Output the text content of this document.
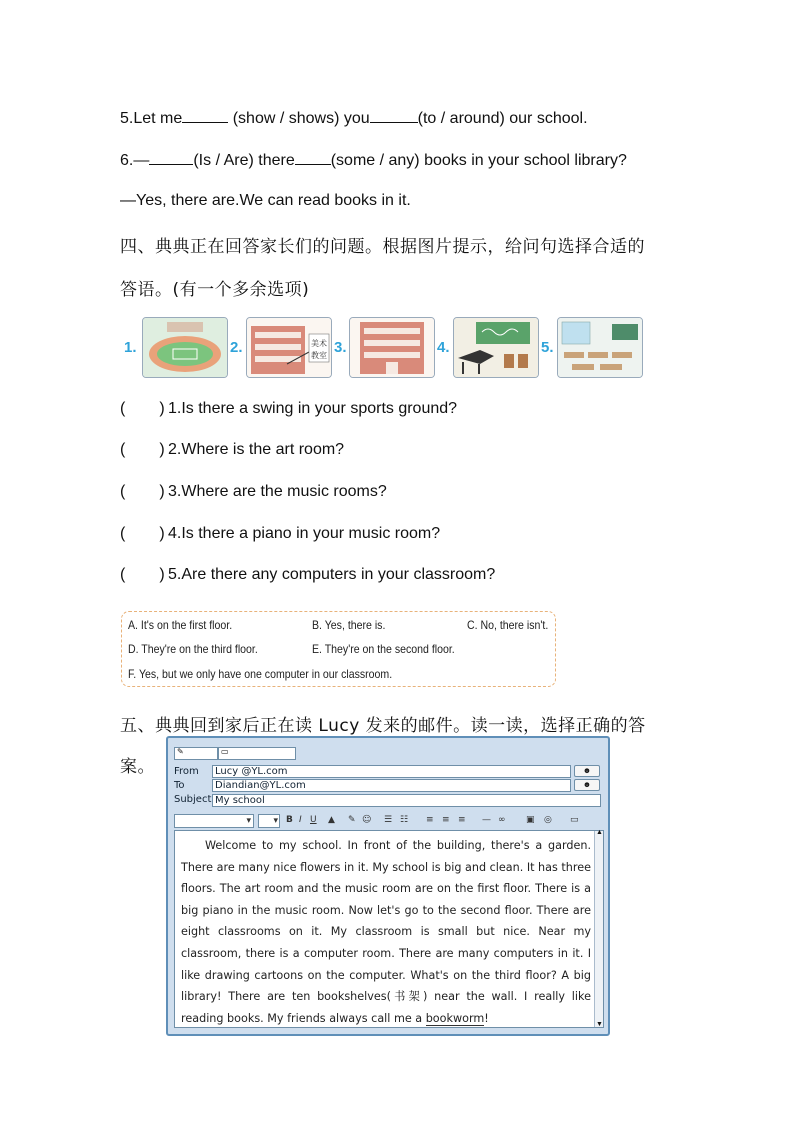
5.Let me	(show / shows) you	(to / around) our school.
6.—	(Is / Are) there (some / any) books in your school library?
—Yes, there are.We can read books in it.
四、典典正在回答家长们的问题。根据图片提示，给问句选择合适的
答语。(有一个多余选项)
1.	2.	美术
教室 3.	4.	5.
( ) 1.Is there a swing in your sports ground?
( ) 2.Where is the art room?
( ) 3.Where are the music rooms?
( ) 4.Is there a piano in your music room?
( ) 5.Are there any computers in your classroom?
A. It's on the first floor.	B. Yes, there is.	C. No, there isn't.
D. They're on the third floor.	E. They're on the second floor.
F. Yes, but we only have one computer in our classroom.
五、典典回到家后正在读 Lucy 发来的邮件。读一读，选择正确的答
案。
✎	▭
From	Lucy @YL.com	☻
To	Diandian@YL.com	☻
Subject My school
▾ ▾ B I U ▲ ✎ ☺ ☰ ☷ ≡ ≡ ≡ — ∞ ▣ ◎ ▭
Welcome to my school. In front of the building, there's a garden. There are many nice flowers in it. My school is big and clean. It has three floors. The art room and the music room are on the first floor. There is a big piano in the music room. Now let's go to the second floor. There are eight classrooms on it. My classroom is small but nice. Near my classroom, there is a computer room. There are many computers in it. I like drawing cartoons on the computer. What's on the third floor? A big library! There are ten bookshelves(书架) near the wall. I really like reading books. My friends always call me a bookworm!
▲
▼
